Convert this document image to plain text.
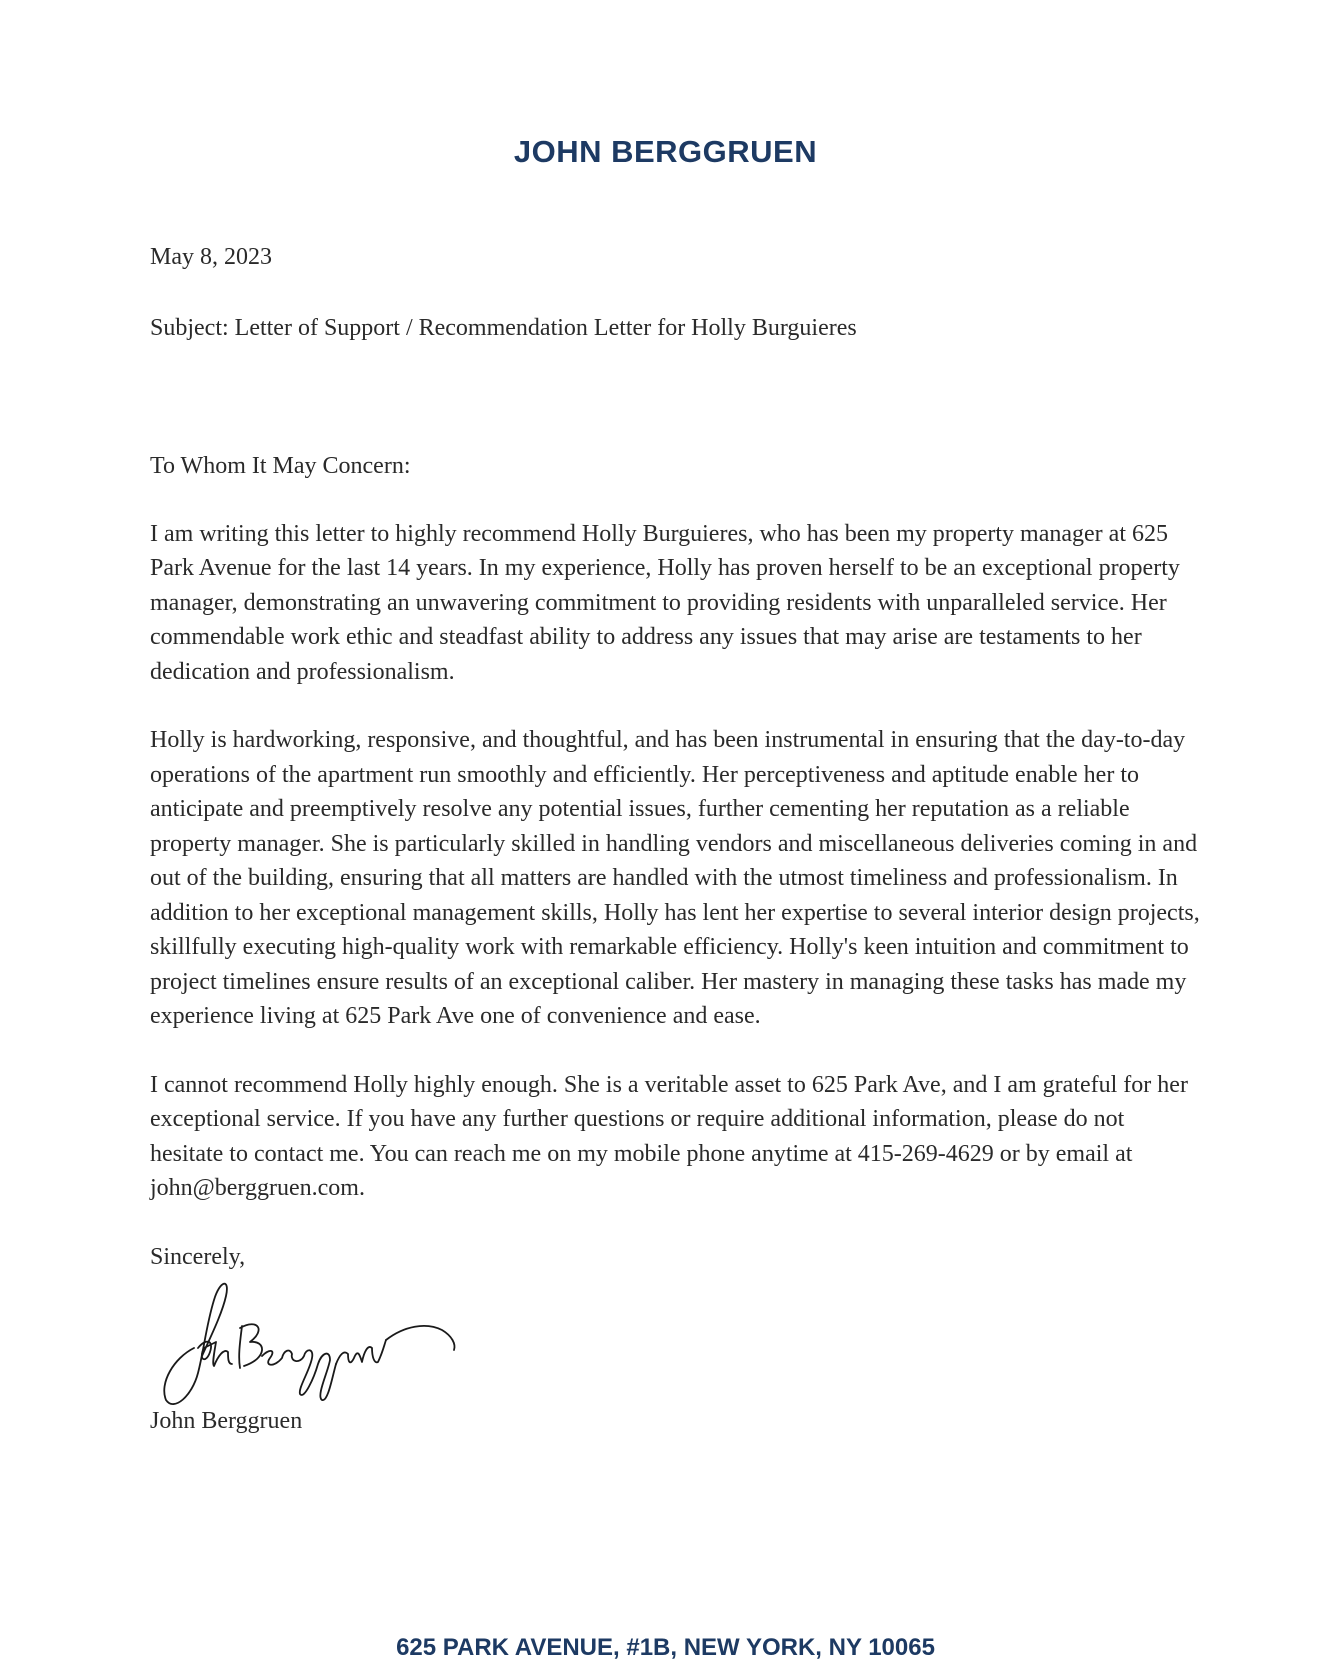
JOHN BERGGRUEN

May 8, 2023

Subject: Letter of Support / Recommendation Letter for Holly Burguieres

To Whom It May Concern:

I am writing this letter to highly recommend Holly Burguieres, who has been my property manager at 625 Park Avenue for the last 14 years. In my experience, Holly has proven herself to be an exceptional property manager, demonstrating an unwavering commitment to providing residents with unparalleled service. Her commendable work ethic and steadfast ability to address any issues that may arise are testaments to her dedication and professionalism.

Holly is hardworking, responsive, and thoughtful, and has been instrumental in ensuring that the day-to-day operations of the apartment run smoothly and efficiently. Her perceptiveness and aptitude enable her to anticipate and preemptively resolve any potential issues, further cementing her reputation as a reliable property manager. She is particularly skilled in handling vendors and miscellaneous deliveries coming in and out of the building, ensuring that all matters are handled with the utmost timeliness and professionalism. In addition to her exceptional management skills, Holly has lent her expertise to several interior design projects, skillfully executing high-quality work with remarkable efficiency. Holly's keen intuition and commitment to project timelines ensure results of an exceptional caliber. Her mastery in managing these tasks has made my experience living at 625 Park Ave one of convenience and ease.

I cannot recommend Holly highly enough. She is a veritable asset to 625 Park Ave, and I am grateful for her exceptional service. If you have any further questions or require additional information, please do not hesitate to contact me. You can reach me on my mobile phone anytime at 415-269-4629 or by email at john@berggruen.com.

Sincerely,

John Berggruen

625 PARK AVENUE, #1B, NEW YORK, NY 10065
